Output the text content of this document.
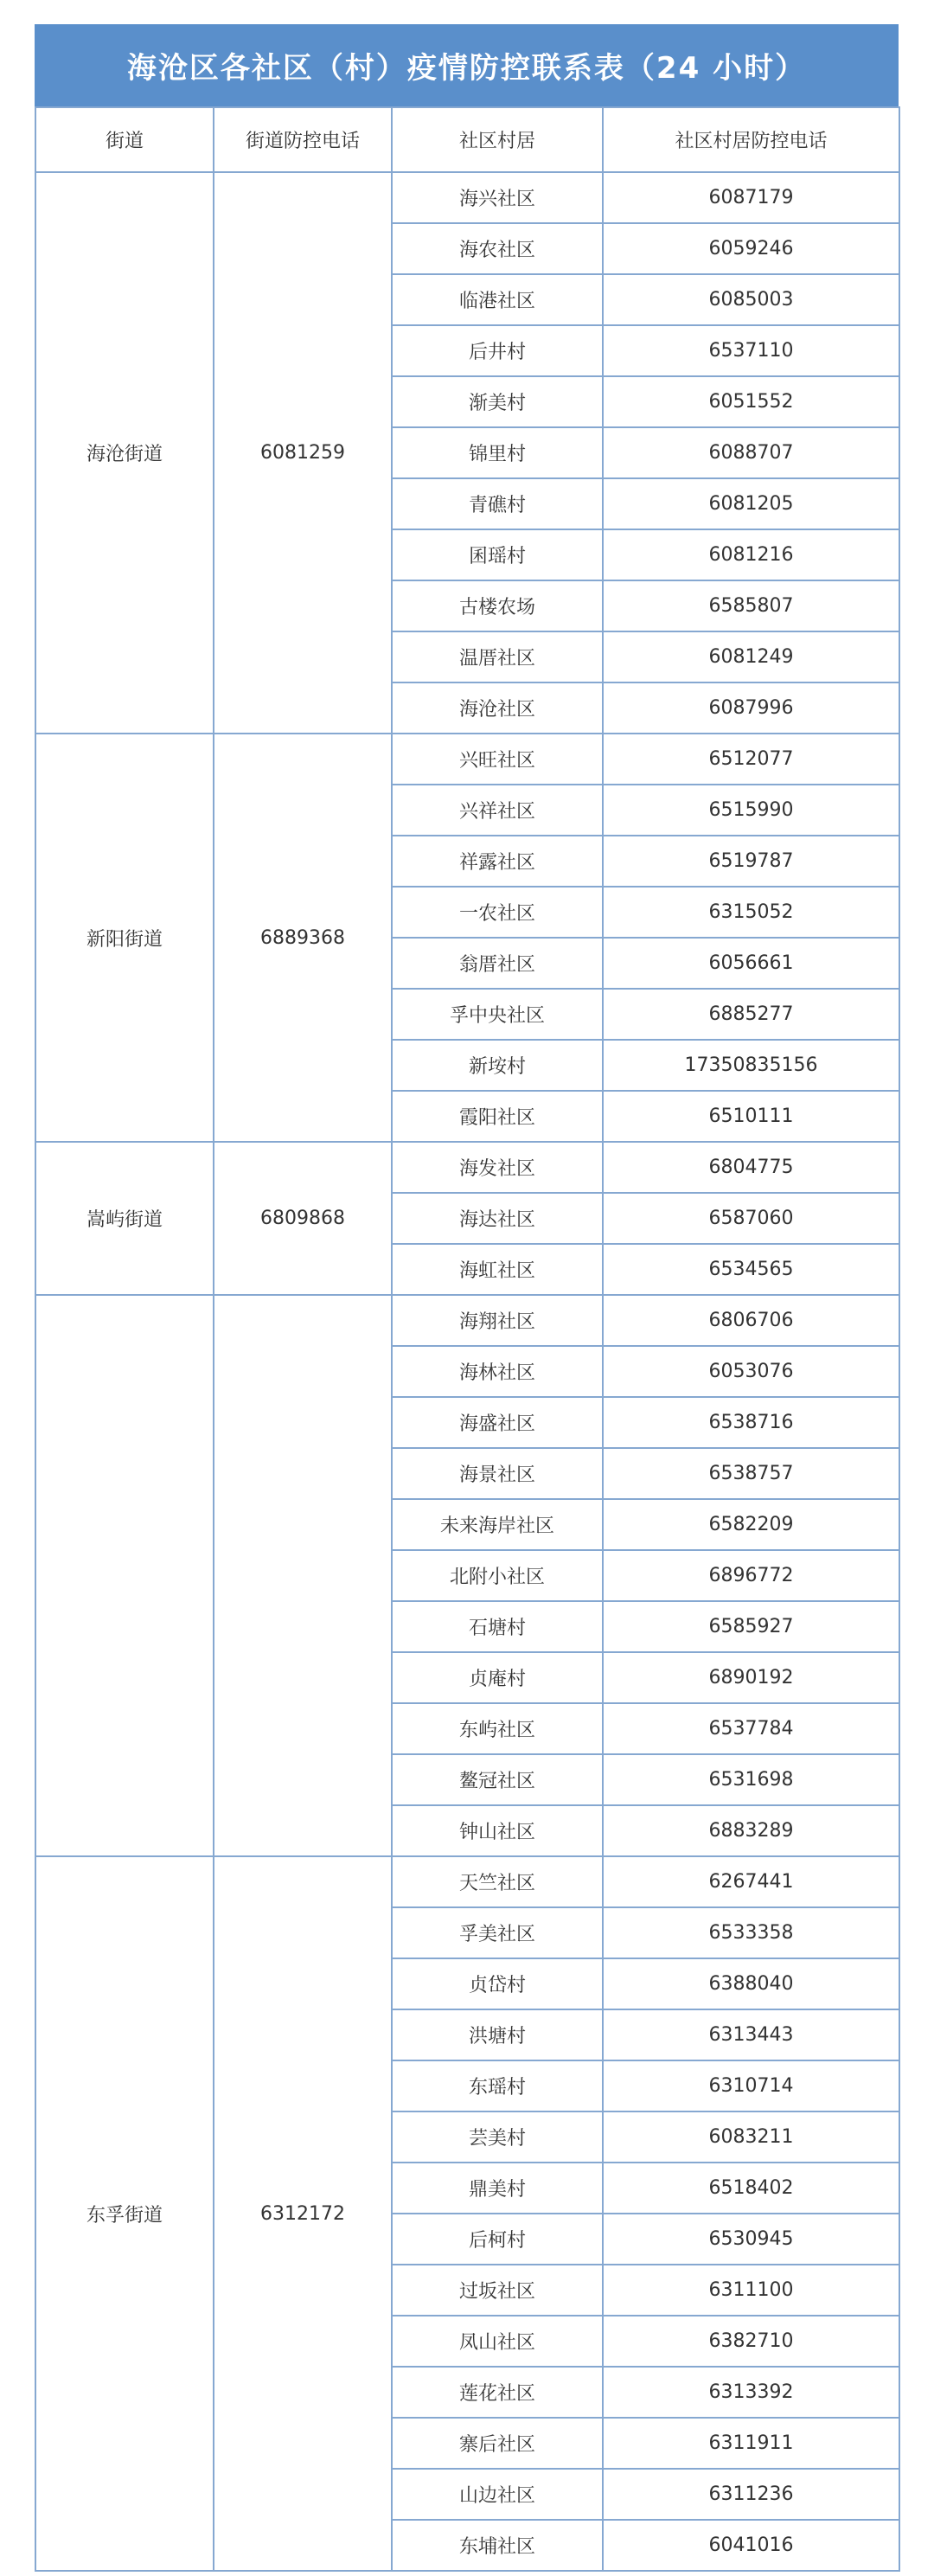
海沧区各社区（村）疫情防控联系表（24 小时）
街道	街道防控电话	社区村居	社区村居防控电话
海沧街道	6081259	海兴社区	6087179
		海农社区	6059246
		临港社区	6085003
		后井村	6537110
		渐美村	6051552
		锦里村	6088707
		青礁村	6081205
		囷瑶村	6081216
		古楼农场	6585807
		温厝社区	6081249
		海沧社区	6087996
新阳街道	6889368	兴旺社区	6512077
		兴祥社区	6515990
		祥露社区	6519787
		一农社区	6315052
		翁厝社区	6056661
		孚中央社区	6885277
		新垵村	17350835156
		霞阳社区	6510111
嵩屿街道	6809868	海发社区	6804775
		海达社区	6587060
		海虹社区	6534565
		海翔社区	6806706
		海林社区	6053076
		海盛社区	6538716
		海景社区	6538757
		未来海岸社区	6582209
		北附小社区	6896772
		石塘村	6585927
		贞庵村	6890192
		东屿社区	6537784
		鳌冠社区	6531698
		钟山社区	6883289
东孚街道	6312172	天竺社区	6267441
		孚美社区	6533358
		贞岱村	6388040
		洪塘村	6313443
		东瑶村	6310714
		芸美村	6083211
		鼎美村	6518402
		后柯村	6530945
		过坂社区	6311100
		凤山社区	6382710
		莲花社区	6313392
		寨后社区	6311911
		山边社区	6311236
		东埔社区	6041016
